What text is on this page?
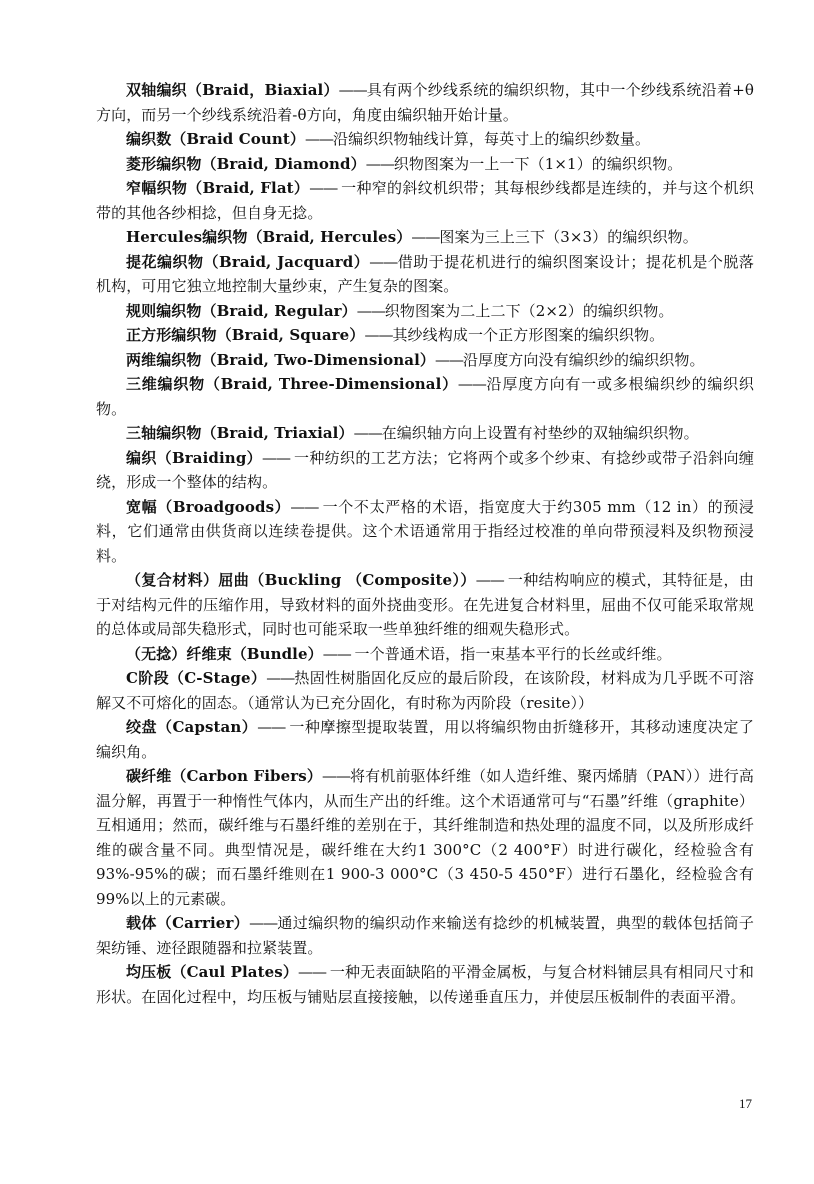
双轴编织（Braid，Biaxial）——具有两个纱线系统的编织织物，其中一个纱线系统沿着+θ方向，而另一个纱线系统沿着-θ方向，角度由编织轴开始计量。

编织数（Braid Count）——沿编织织物轴线计算，每英寸上的编织纱数量。

菱形编织物（Braid, Diamond）——织物图案为一上一下（1×1）的编织织物。

窄幅织物（Braid, Flat）—— 一种窄的斜纹机织带；其每根纱线都是连续的，并与这个机织带的其他各纱相捻，但自身无捻。

Hercules编织物（Braid, Hercules）——图案为三上三下（3×3）的编织织物。

提花编织物（Braid, Jacquard）——借助于提花机进行的编织图案设计；提花机是个脱落机构，可用它独立地控制大量纱束，产生复杂的图案。

规则编织物（Braid, Regular）——织物图案为二上二下（2×2）的编织织物。

正方形编织物（Braid, Square）——其纱线构成一个正方形图案的编织织物。

两维编织物（Braid, Two-Dimensional）——沿厚度方向没有编织纱的编织织物。

三维编织物（Braid, Three-Dimensional）——沿厚度方向有一或多根编织纱的编织织物。

三轴编织物（Braid, Triaxial）——在编织轴方向上设置有衬垫纱的双轴编织织物。

编织（Braiding）—— 一种纺织的工艺方法；它将两个或多个纱束、有捻纱或带子沿斜向缠绕，形成一个整体的结构。

宽幅（Broadgoods）—— 一个不太严格的术语，指宽度大于约305 mm（12 in）的预浸料，它们通常由供货商以连续卷提供。这个术语通常用于指经过校准的单向带预浸料及织物预浸料。

（复合材料）屈曲（Buckling （Composite））—— 一种结构响应的模式，其特征是，由于对结构元件的压缩作用，导致材料的面外挠曲变形。在先进复合材料里，屈曲不仅可能采取常规的总体或局部失稳形式，同时也可能采取一些单独纤维的细观失稳形式。

（无捻）纤维束（Bundle）—— 一个普通术语，指一束基本平行的长丝或纤维。

C阶段（C-Stage）——热固性树脂固化反应的最后阶段，在该阶段，材料成为几乎既不可溶解又不可熔化的固态。（通常认为已充分固化，有时称为丙阶段（resite））

绞盘（Capstan）—— 一种摩擦型提取装置，用以将编织物由折缝移开，其移动速度决定了编织角。

碳纤维（Carbon Fibers）——将有机前驱体纤维（如人造纤维、聚丙烯腈（PAN））进行高温分解，再置于一种惰性气体内，从而生产出的纤维。这个术语通常可与“石墨”纤维（graphite）互相通用；然而，碳纤维与石墨纤维的差别在于，其纤维制造和热处理的温度不同，以及所形成纤维的碳含量不同。典型情况是，碳纤维在大约1 300°C（2 400°F）时进行碳化，经检验含有93%-95%的碳；而石墨纤维则在1 900-3 000°C（3 450-5 450°F）进行石墨化，经检验含有99%以上的元素碳。

载体（Carrier）——通过编织物的编织动作来输送有捻纱的机械装置，典型的载体包括筒子架纺锤、迹径跟随器和拉紧装置。

均压板（Caul Plates）—— 一种无表面缺陷的平滑金属板，与复合材料铺层具有相同尺寸和形状。在固化过程中，均压板与铺贴层直接接触，以传递垂直压力，并使层压板制件的表面平滑。

17
